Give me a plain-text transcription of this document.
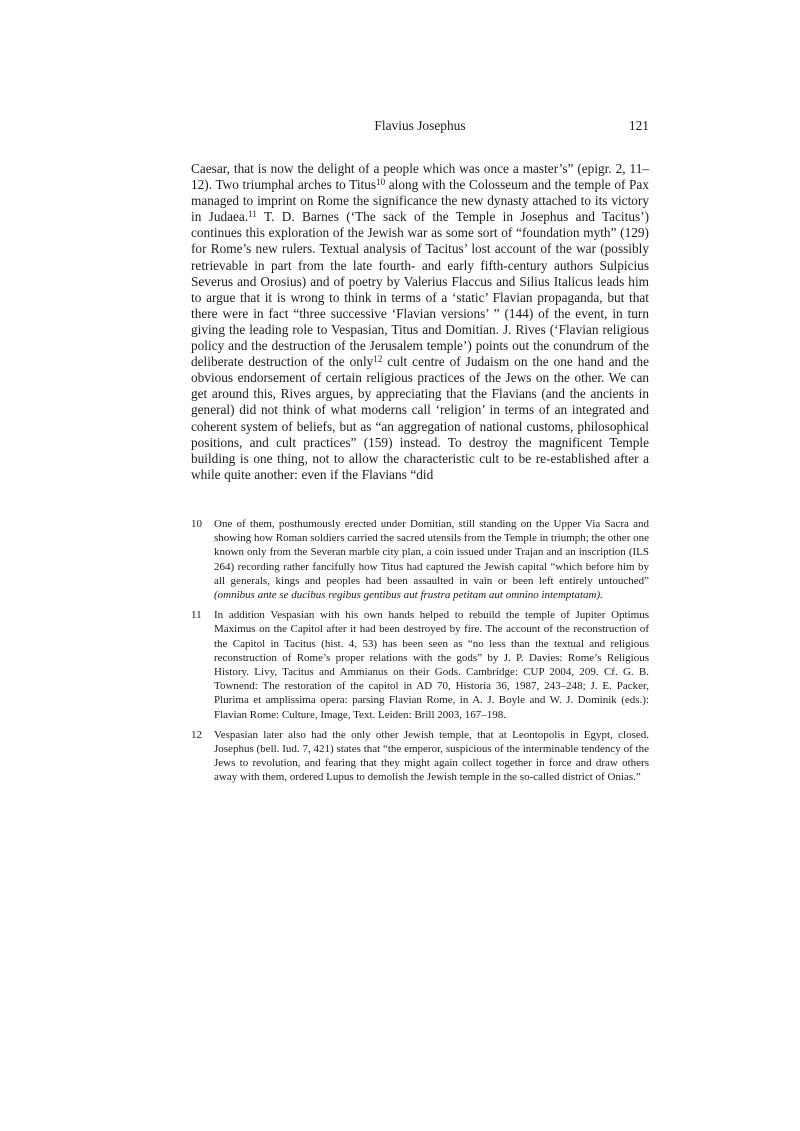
Flavius Josephus	121

Caesar, that is now the delight of a people which was once a master’s” (epigr. 2, 11–12). Two triumphal arches to Titus$^{10}$ along with the Colosseum and the temple of Pax managed to imprint on Rome the significance the new dynasty attached to its victory in Judaea.$^{11}$ T. D. Barnes (‘The sack of the Temple in Josephus and Tacitus’) continues this exploration of the Jewish war as some sort of “foundation myth” (129) for Rome’s new rulers. Textual analysis of Tacitus’ lost account of the war (possibly retrievable in part from the late fourth- and early fifth-century authors Sulpicius Severus and Orosius) and of poetry by Valerius Flaccus and Silius Italicus leads him to argue that it is wrong to think in terms of a ‘static’ Flavian propaganda, but that there were in fact “three successive ‘Flavian versions’ ” (144) of the event, in turn giving the leading role to Vespasian, Titus and Domitian. J. Rives (‘Flavian religious policy and the destruction of the Jerusalem temple’) points out the conundrum of the deliberate destruction of the only$^{12}$ cult centre of Judaism on the one hand and the obvious endorsement of certain religious practices of the Jews on the other. We can get around this, Rives argues, by appreciating that the Flavians (and the ancients in general) did not think of what moderns call ‘religion’ in terms of an integrated and coherent system of beliefs, but as “an aggregation of national customs, philosophical positions, and cult practices” (159) instead. To destroy the magnificent Temple building is one thing, not to allow the characteristic cult to be re-established after a while quite another: even if the Flavians “did

10 One of them, posthumously erected under Domitian, still standing on the Upper Via Sacra and showing how Roman soldiers carried the sacred utensils from the Temple in triumph; the other one known only from the Severan marble city plan, a coin issued under Trajan and an inscription (ILS 264) recording rather fancifully how Titus had captured the Jewish capital “which before him by all generals, kings and peoples had been assaulted in vain or been left entirely untouched” (omnibus ante se ducibus regibus gentibus aut frustra petitam aut omnino intemptatam).
11 In addition Vespasian with his own hands helped to rebuild the temple of Jupiter Optimus Maximus on the Capitol after it had been destroyed by fire. The account of the reconstruction of the Capitol in Tacitus (hist. 4, 53) has been seen as “no less than the textual and religious reconstruction of Rome’s proper relations with the gods” by J. P. Davies: Rome’s Religious History. Livy, Tacitus and Ammianus on their Gods. Cambridge: CUP 2004, 209. Cf. G. B. Townend: The restoration of the capitol in AD 70, Historia 36, 1987, 243–248; J. E. Packer, Plurima et amplissima opera: parsing Flavian Rome, in A. J. Boyle and W. J. Dominik (eds.): Flavian Rome: Culture, Image, Text. Leiden: Brill 2003, 167–198.
12 Vespasian later also had the only other Jewish temple, that at Leontopolis in Egypt, closed. Josephus (bell. Iud. 7, 421) states that “the emperor, suspicious of the interminable tendency of the Jews to revolution, and fearing that they might again collect together in force and draw others away with them, ordered Lupus to demolish the Jewish temple in the so-called district of Onias.”
